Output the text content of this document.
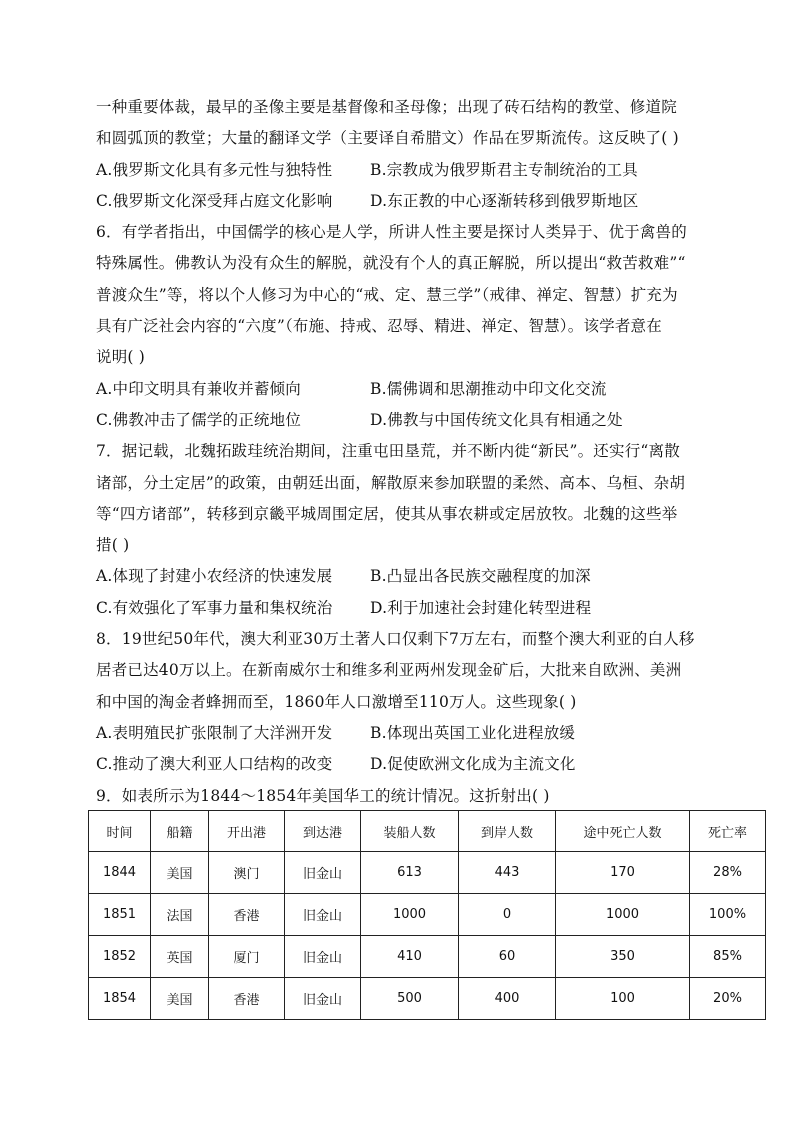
一种重要体裁，最早的圣像主要是基督像和圣母像；出现了砖石结构的教堂、修道院
和圆弧顶的教堂；大量的翻译文学（主要译自希腊文）作品在罗斯流传。这反映了( )
A.俄罗斯文化具有多元性与独特性	B.宗教成为俄罗斯君主专制统治的工具
C.俄罗斯文化深受拜占庭文化影响	D.东正教的中心逐渐转移到俄罗斯地区
6．有学者指出，中国儒学的核心是人学，所讲人性主要是探讨人类异于、优于禽兽的
特殊属性。佛教认为没有众生的解脱，就没有个人的真正解脱，所以提出“救苦救难”“
普渡众生”等，将以个人修习为中心的“戒、定、慧三学”（戒律、禅定、智慧）扩充为
具有广泛社会内容的“六度”（布施、持戒、忍辱、精进、禅定、智慧）。该学者意在
说明( )
A.中印文明具有兼收并蓄倾向	B.儒佛调和思潮推动中印文化交流
C.佛教冲击了儒学的正统地位	D.佛教与中国传统文化具有相通之处
7．据记载，北魏拓跋珪统治期间，注重屯田垦荒，并不断内徙“新民”。还实行“离散
诸部，分土定居”的政策，由朝廷出面，解散原来参加联盟的柔然、高本、乌桓、杂胡
等“四方诸部”，转移到京畿平城周围定居，使其从事农耕或定居放牧。北魏的这些举
措( )
A.体现了封建小农经济的快速发展	B.凸显出各民族交融程度的加深
C.有效强化了军事力量和集权统治	D.利于加速社会封建化转型进程
8．19世纪50年代，澳大利亚30万土著人口仅剩下7万左右，而整个澳大利亚的白人移
居者已达40万以上。在新南威尔士和维多利亚两州发现金矿后，大批来自欧洲、美洲
和中国的淘金者蜂拥而至，1860年人口激增至110万人。这些现象( )
A.表明殖民扩张限制了大洋洲开发	B.体现出英国工业化进程放缓
C.推动了澳大利亚人口结构的改变	D.促使欧洲文化成为主流文化
9．如表所示为1844～1854年美国华工的统计情况。这折射出( )
时间	船籍	开出港	到达港	装船人数	到岸人数	途中死亡人数	死亡率
1844	美国	澳门	旧金山	613	443	170	28%
1851	法国	香港	旧金山	1000	0	1000	100%
1852	英国	厦门	旧金山	410	60	350	85%
1854	美国	香港	旧金山	500	400	100	20%
